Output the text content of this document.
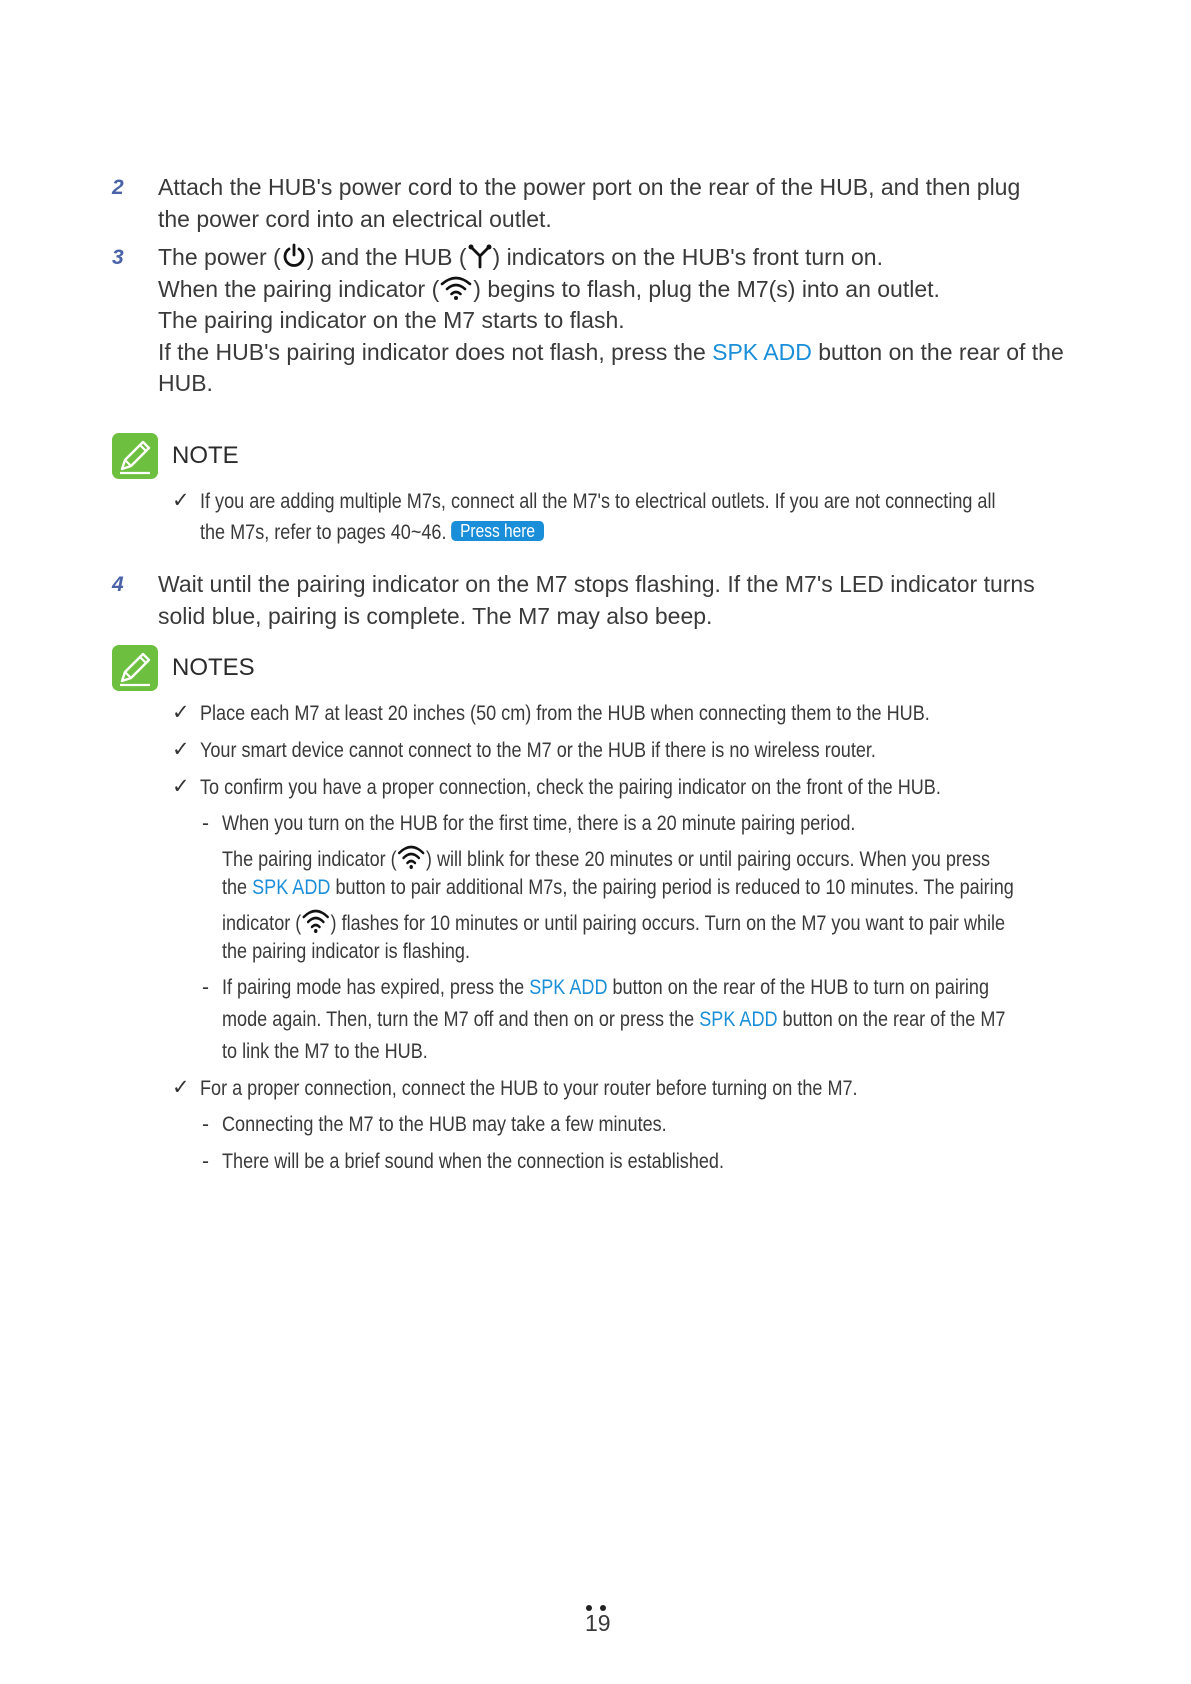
2 Attach the HUB's power cord to the power port on the rear of the HUB, and then plug
the power cord into an electrical outlet.
3 The power ( ) and the HUB ( ) indicators on the HUB's front turn on.
When the pairing indicator ( ) begins to flash, plug the M7(s) into an outlet.
The pairing indicator on the M7 starts to flash.
If the HUB's pairing indicator does not flash, press the SPK ADD button on the rear of the
HUB.
NOTE
✓ If you are adding multiple M7s, connect all the M7's to electrical outlets. If you are not connecting all
the M7s, refer to pages 40~46. Press here
4 Wait until the pairing indicator on the M7 stops flashing. If the M7's LED indicator turns
solid blue, pairing is complete. The M7 may also beep.
NOTES
✓ Place each M7 at least 20 inches (50 cm) from the HUB when connecting them to the HUB.
✓ Your smart device cannot connect to the M7 or the HUB if there is no wireless router.
✓ To confirm you have a proper connection, check the pairing indicator on the front of the HUB.
- When you turn on the HUB for the first time, there is a 20 minute pairing period.
The pairing indicator ( ) will blink for these 20 minutes or until pairing occurs. When you press
the SPK ADD button to pair additional M7s, the pairing period is reduced to 10 minutes. The pairing
indicator ( ) flashes for 10 minutes or until pairing occurs. Turn on the M7 you want to pair while
the pairing indicator is flashing.
- If pairing mode has expired, press the SPK ADD button on the rear of the HUB to turn on pairing
mode again. Then, turn the M7 off and then on or press the SPK ADD button on the rear of the M7
to link the M7 to the HUB.
✓ For a proper connection, connect the HUB to your router before turning on the M7.
- Connecting the M7 to the HUB may take a few minutes.
- There will be a brief sound when the connection is established.
19
